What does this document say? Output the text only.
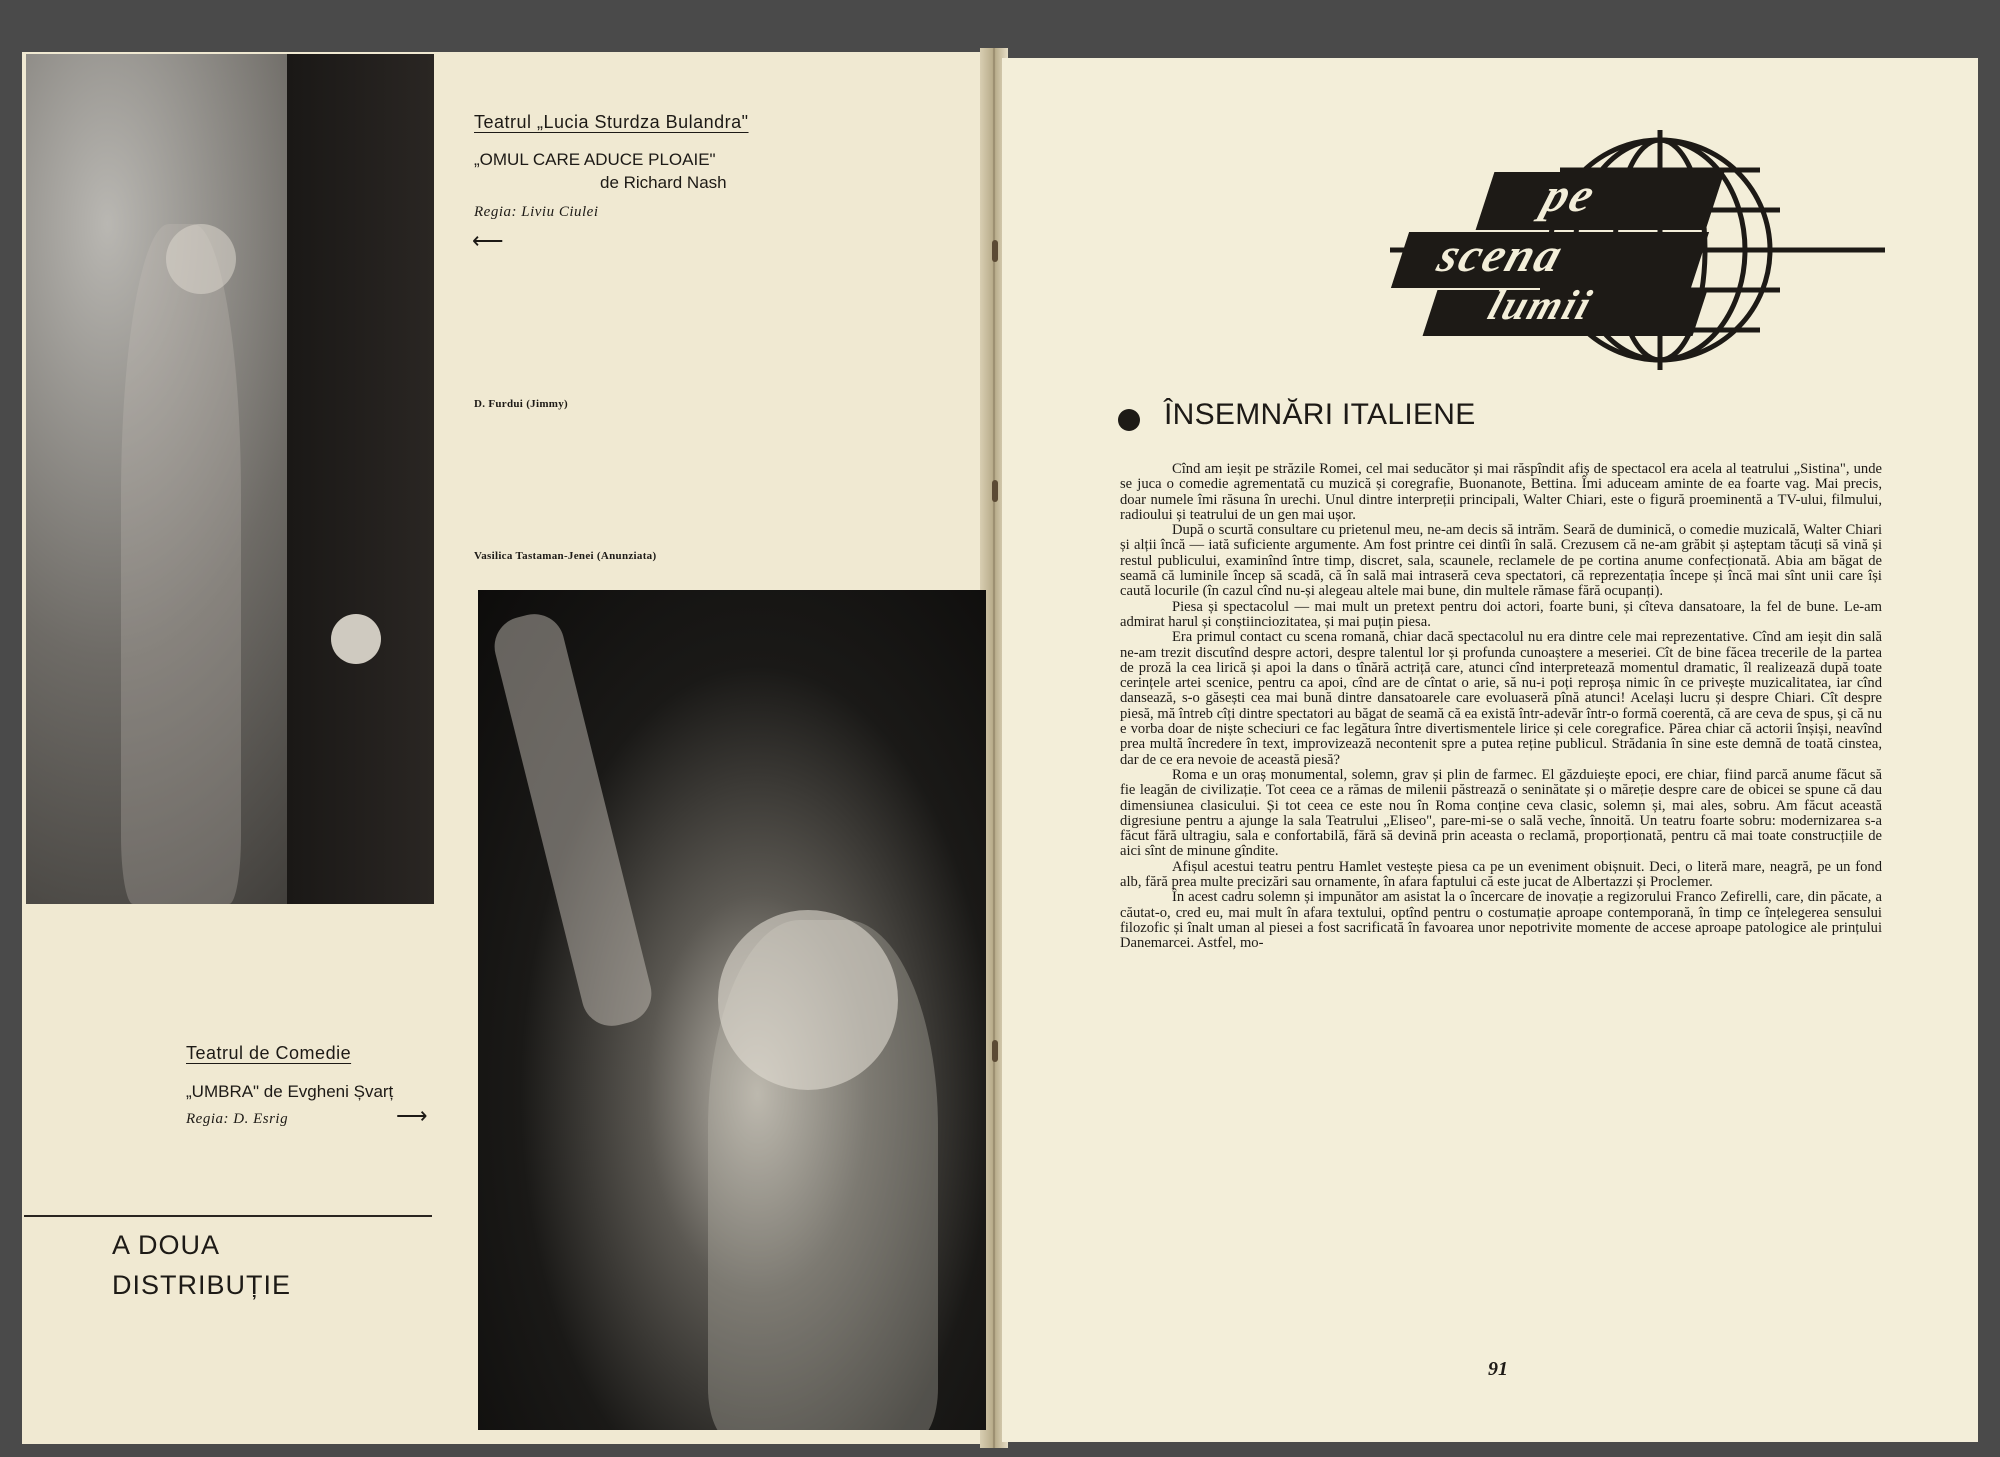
Teatrul „Lucia Sturdza Bulandra"
„OMUL CARE ADUCE PLOAIE"
de Richard Nash
Regia: Liviu Ciulei
⟵
D. Furdui (Jimmy)
Vasilica Tastaman-Jenei (Anunziata)
Teatrul de Comedie
„UMBRA" de Evgheni Șvarț
Regia: D. Esrig	⟶
A DOUA
DISTRIBUȚIE
pe
scena
lumii
ÎNSEMNĂRI ITALIENE

Cînd am ieșit pe străzile Romei, cel mai seducător și mai răspîndit afiș de spectacol era acela al teatrului „Sistina", unde se juca o comedie agrementată cu muzică și coregrafie, Buonanote, Bettina. Îmi aduceam aminte de ea foarte vag. Mai precis, doar numele îmi răsuna în urechi. Unul dintre interpreții principali, Walter Chiari, este o figură proeminentă a TV-ului, filmului, radioului și teatrului de un gen mai ușor.

După o scurtă consultare cu prietenul meu, ne-am decis să intrăm. Seară de duminică, o comedie muzicală, Walter Chiari și alții încă — iată suficiente argumente. Am fost printre cei dintîi în sală. Crezusem că ne-am grăbit și așteptam tăcuți să vină și restul publicului, examinînd între timp, discret, sala, scaunele, reclamele de pe cortina anume confecționată. Abia am băgat de seamă că luminile încep să scadă, că în sală mai intraseră ceva spectatori, că reprezentația începe și încă mai sînt unii care își caută locurile (în cazul cînd nu-și alegeau altele mai bune, din multele rămase fără ocupanți).

Piesa și spectacolul — mai mult un pretext pentru doi actori, foarte buni, și cîteva dansatoare, la fel de bune. Le-am admirat harul și conștiinciozitatea, și mai puțin piesa.

Era primul contact cu scena romană, chiar dacă spectacolul nu era dintre cele mai reprezentative. Cînd am ieșit din sală ne-am trezit discutînd despre actori, despre talentul lor și profunda cunoaștere a meseriei. Cît de bine făcea trecerile de la partea de proză la cea lirică și apoi la dans o tînără actriță care, atunci cînd interpretează momentul dramatic, îl realizează după toate cerințele artei scenice, pentru ca apoi, cînd are de cîntat o arie, să nu-i poți reproșa nimic în ce privește muzicalitatea, iar cînd dansează, s-o găsești cea mai bună dintre dansatoarele care evoluaseră pînă atunci! Același lucru și despre Chiari. Cît despre piesă, mă întreb cîți dintre spectatori au băgat de seamă că ea există într-adevăr într-o formă coerentă, că are ceva de spus, și că nu e vorba doar de niște scheciuri ce fac legătura între divertismentele lirice și cele coregrafice. Părea chiar că actorii înșiși, neavînd prea multă încredere în text, improvizează necontenit spre a putea reține publicul. Strădania în sine este demnă de toată cinstea, dar de ce era nevoie de această piesă?

Roma e un oraș monumental, solemn, grav și plin de farmec. El găzduiește epoci, ere chiar, fiind parcă anume făcut să fie leagăn de civilizație. Tot ceea ce a rămas de milenii păstrează o seninătate și o măreție despre care de obicei se spune că dau dimensiunea clasicului. Și tot ceea ce este nou în Roma conține ceva clasic, solemn și, mai ales, sobru. Am făcut această digresiune pentru a ajunge la sala Teatrului „Eliseo", pare-mi-se o sală veche, înnoită. Un teatru foarte sobru: modernizarea s-a făcut fără ultragiu, sala e confortabilă, fără să devină prin aceasta o reclamă, proporționată, pentru că mai toate construcțiile de aici sînt de minune gîndite.

Afișul acestui teatru pentru Hamlet vestește piesa ca pe un eveniment obișnuit. Deci, o literă mare, neagră, pe un fond alb, fără prea multe precizări sau ornamente, în afara faptului că este jucat de Albertazzi și Proclemer.

În acest cadru solemn și impunător am asistat la o încercare de inovație a regizorului Franco Zefirelli, care, din păcate, a căutat-o, cred eu, mai mult în afara textului, optînd pentru o costumație aproape contemporană, în timp ce înțelegerea sensului filozofic și înalt uman al piesei a fost sacrificată în favoarea unor nepotrivite momente de accese aproape patologice ale prințului Danemarcei. Astfel, mo-

91
